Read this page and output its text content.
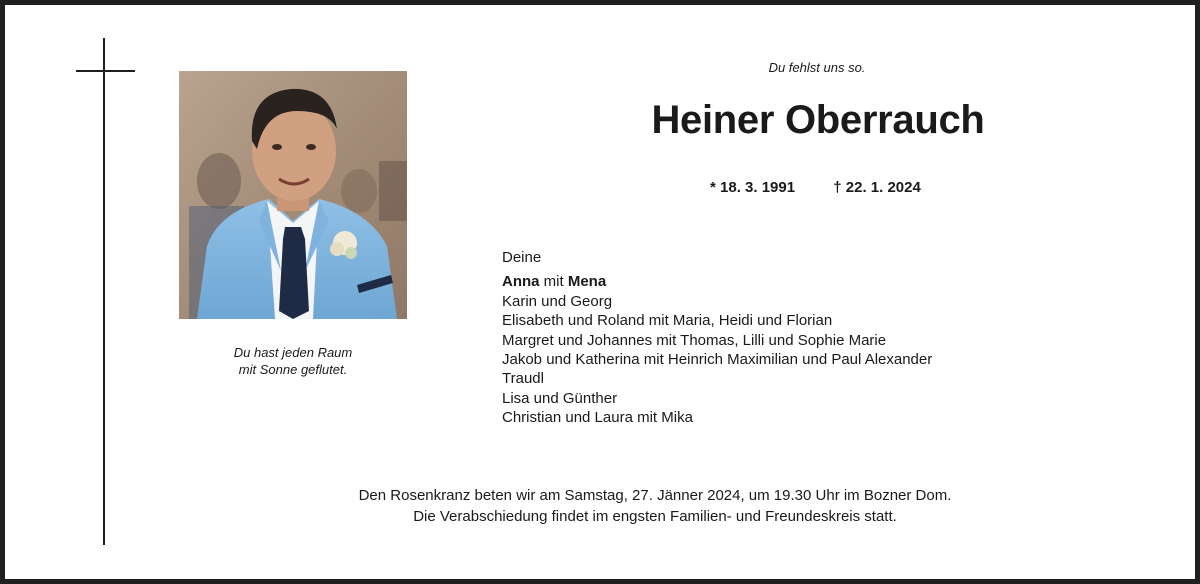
Du hast jeden Raum
mit Sonne geflutet.
Du fehlst uns so.
Heiner Oberrauch
* 18. 3. 1991	† 22. 1. 2024
Deine
Anna mit Mena
Karin und Georg
Elisabeth und Roland mit Maria, Heidi und Florian
Margret und Johannes mit Thomas, Lilli und Sophie Marie
Jakob und Katherina mit Heinrich Maximilian und Paul Alexander
Traudl
Lisa und Günther
Christian und Laura mit Mika
Den Rosenkranz beten wir am Samstag, 27. Jänner 2024, um 19.30 Uhr im Bozner Dom.
Die Verabschiedung findet im engsten Familien- und Freundeskreis statt.
